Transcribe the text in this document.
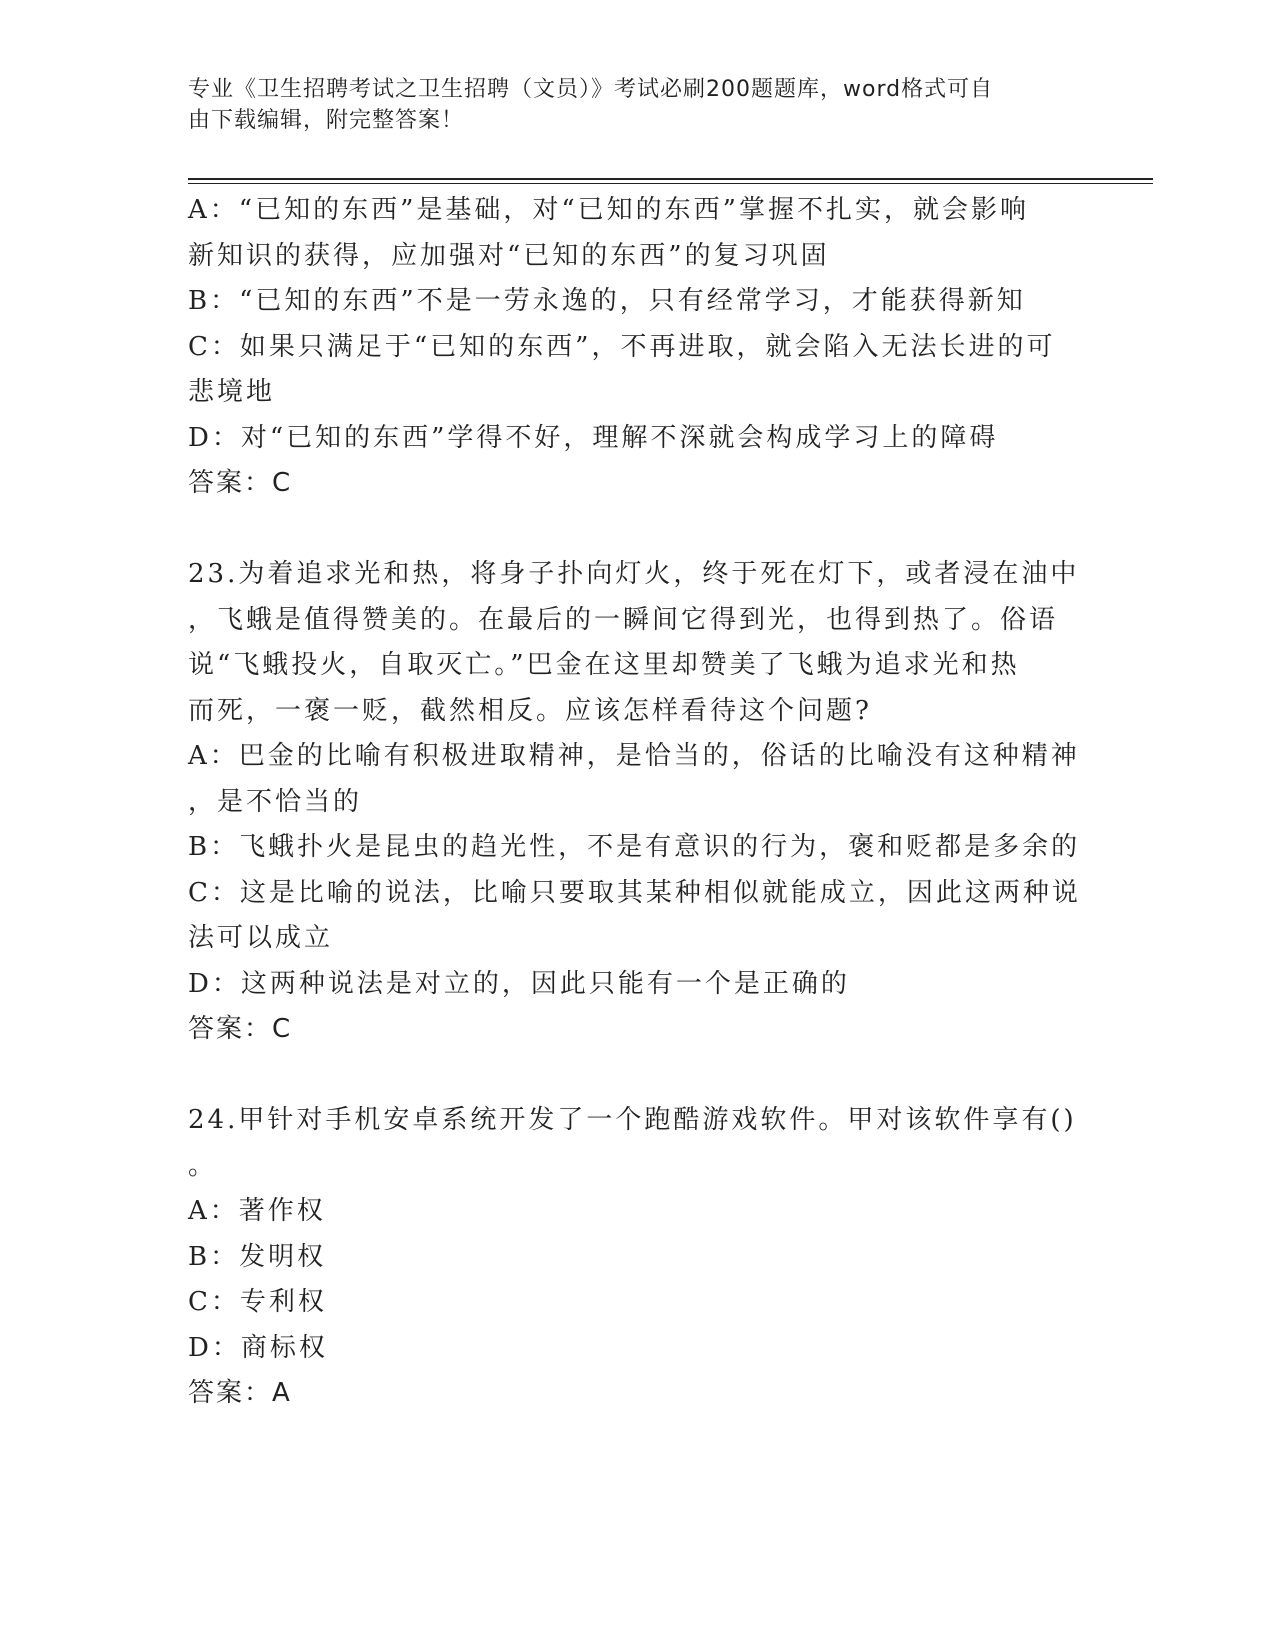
专业《卫生招聘考试之卫生招聘（文员）》考试必刷200题题库，word格式可自
由下载编辑，附完整答案！
A：“已知的东西”是基础，对“已知的东西”掌握不扎实，就会影响
新知识的获得，应加强对“已知的东西”的复习巩固
B：“已知的东西”不是一劳永逸的，只有经常学习，才能获得新知
C：如果只满足于“已知的东西”，不再进取，就会陷入无法长进的可
悲境地
D：对“已知的东西”学得不好，理解不深就会构成学习上的障碍
答案：C
23.为着追求光和热，将身子扑向灯火，终于死在灯下，或者浸在油中
，飞蛾是值得赞美的。在最后的一瞬间它得到光，也得到热了。俗语
说“飞蛾投火，自取灭亡。”巴金在这里却赞美了飞蛾为追求光和热
而死，一褒一贬，截然相反。应该怎样看待这个问题?
A：巴金的比喻有积极进取精神，是恰当的，俗话的比喻没有这种精神
，是不恰当的
B：飞蛾扑火是昆虫的趋光性，不是有意识的行为，褒和贬都是多余的
C：这是比喻的说法，比喻只要取其某种相似就能成立，因此这两种说
法可以成立
D：这两种说法是对立的，因此只能有一个是正确的
答案：C
24.甲针对手机安卓系统开发了一个跑酷游戏软件。甲对该软件享有()
。
A：著作权
B：发明权
C：专利权
D：商标权
答案：A
